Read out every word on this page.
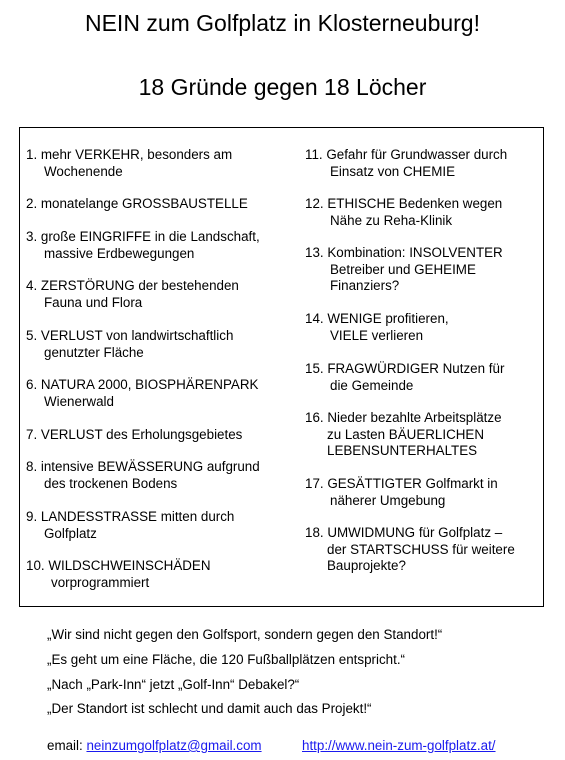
NEIN zum Golfplatz in Klosterneuburg!
18 Gründe gegen 18 Löcher
1. mehr VERKEHR, besonders am
Wochenende
2. monatelange GROSSBAUSTELLE
3. große EINGRIFFE in die Landschaft,
massive Erdbewegungen
4. ZERSTÖRUNG der bestehenden
Fauna und Flora
5. VERLUST von landwirtschaftlich
genutzter Fläche
6. NATURA 2000, BIOSPHÄRENPARK
Wienerwald
7. VERLUST des Erholungsgebietes
8. intensive BEWÄSSERUNG aufgrund
des trockenen Bodens
9. LANDESSTRASSE mitten durch
Golfplatz
10. WILDSCHWEINSCHÄDEN
vorprogrammiert
11. Gefahr für Grundwasser durch
Einsatz von CHEMIE
12. ETHISCHE Bedenken wegen
Nähe zu Reha-Klinik
13. Kombination: INSOLVENTER
Betreiber und GEHEIME
Finanziers?
14. WENIGE profitieren,
VIELE verlieren
15. FRAGWÜRDIGER Nutzen für
die Gemeinde
16. Nieder bezahlte Arbeitsplätze
zu Lasten BÄUERLICHEN
LEBENSUNTERHALTES
17. GESÄTTIGTER Golfmarkt in
näherer Umgebung
18. UMWIDMUNG für Golfplatz –
der STARTSCHUSS für weitere
Bauprojekte?
„Wir sind nicht gegen den Golfsport, sondern gegen den Standort!“
„Es geht um eine Fläche, die 120 Fußballplätzen entspricht.“
„Nach „Park-Inn“ jetzt „Golf-Inn“ Debakel?“
„Der Standort ist schlecht und damit auch das Projekt!“
email: neinzumgolfplatz@gmail.com	http://www.nein-zum-golfplatz.at/
